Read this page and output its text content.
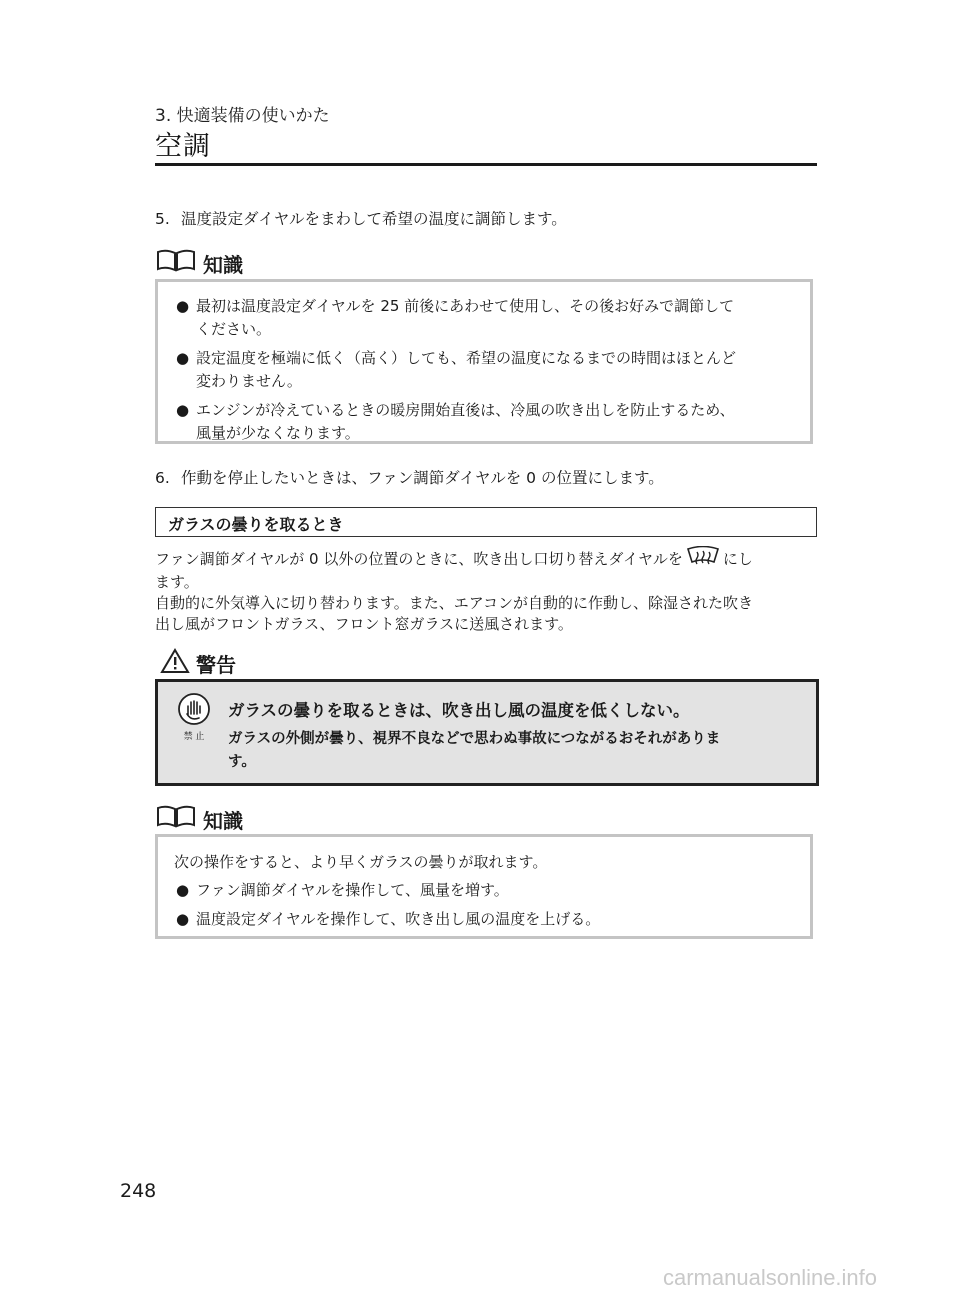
3. 快適装備の使いかた
空調
5. 温度設定ダイヤルをまわして希望の温度に調節します。
知識
● 最初は温度設定ダイヤルを 25 前後にあわせて使用し、その後お好みで調節して
ください。
● 設定温度を極端に低く（高く）しても、希望の温度になるまでの時間はほとんど
変わりません。
● エンジンが冷えているときの暖房開始直後は、冷風の吹き出しを防止するため、
風量が少なくなります。
6. 作動を停止したいときは、ファン調節ダイヤルを 0 の位置にします。
ガラスの曇りを取るとき
ファン調節ダイヤルが 0 以外の位置のときに、吹き出し口切り替えダイヤルを	にし
ます。
自動的に外気導入に切り替わります。また、エアコンが自動的に作動し、除湿された吹き
出し風がフロントガラス、フロント窓ガラスに送風されます。
警告
禁 止
ガラスの曇りを取るときは、吹き出し風の温度を低くしない。
ガラスの外側が曇り、視界不良などで思わぬ事故につながるおそれがありま
す。
知識
次の操作をすると、より早くガラスの曇りが取れます。
● ファン調節ダイヤルを操作して、風量を増す。
● 温度設定ダイヤルを操作して、吹き出し風の温度を上げる。
248
carmanualsonline.info
